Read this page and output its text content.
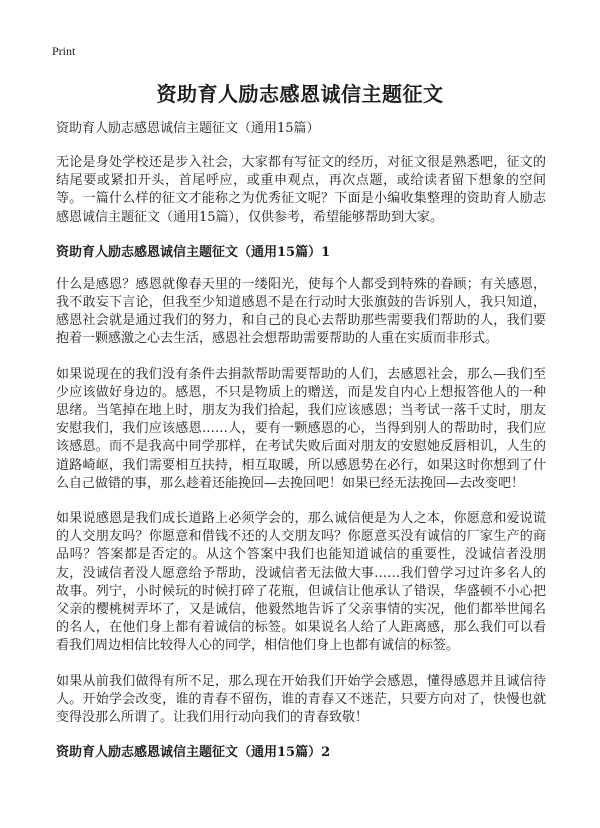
Print
资助育人励志感恩诚信主题征文

资助育人励志感恩诚信主题征文（通用15篇）

无论是身处学校还是步入社会，大家都有写征文的经历，对征文很是熟悉吧，征文的结尾要或紧扣开头，首尾呼应，或重申观点，再次点题，或给读者留下想象的空间等。一篇什么样的征文才能称之为优秀征文呢？下面是小编收集整理的资助育人励志感恩诚信主题征文（通用15篇），仅供参考，希望能够帮助到大家。

资助育人励志感恩诚信主题征文（通用15篇）1

什么是感恩？感恩就像春天里的一缕阳光，使每个人都受到特殊的眷顾；有关感恩，我不敢妄下言论，但我至少知道感恩不是在行动时大张旗鼓的告诉别人，我只知道，感恩社会就是通过我们的努力，和自己的良心去帮助那些需要我们帮助的人，我们要抱着一颗感激之心去生活，感恩社会想帮助需要帮助的人重在实质而非形式。

如果说现在的我们没有条件去捐款帮助需要帮助的人们，去感恩社会，那么—我们至少应该做好身边的。感恩，不只是物质上的赠送，而是发自内心上想报答他人的一种思绪。当笔掉在地上时，朋友为我们拾起，我们应该感恩；当考试一落千丈时，朋友安慰我们，我们应该感恩……人，要有一颗感恩的心，当得到别人的帮助时，我们应该感恩。而不是我高中同学那样，在考试失败后面对朋友的安慰她反唇相讥，人生的道路崎岖，我们需要相互扶持，相互取暖，所以感恩势在必行，如果这时你想到了什么自己做错的事，那么趁着还能挽回—去挽回吧！如果已经无法挽回—去改变吧！

如果说感恩是我们成长道路上必须学会的，那么诚信便是为人之本，你愿意和爱说谎的人交朋友吗？你愿意和借钱不还的人交朋友吗？你愿意买没有诚信的厂家生产的商品吗？答案都是否定的。从这个答案中我们也能知道诚信的重要性，没诚信者没朋友，没诚信者没人愿意给予帮助，没诚信者无法做大事……我们曾学习过许多名人的故事。列宁，小时候玩的时候打碎了花瓶，但诚信让他承认了错误，华盛顿不小心把父亲的樱桃树弄坏了，又是诚信，他毅然地告诉了父亲事情的实况，他们都举世闻名的名人，在他们身上都有着诚信的标签。如果说名人给了人距离感，那么我们可以看看我们周边相信比较得人心的同学，相信他们身上也都有诚信的标签。

如果从前我们做得有所不足，那么现在开始我们开始学会感恩，懂得感恩并且诚信待人。开始学会改变，谁的青春不留伤，谁的青春又不迷茫，只要方向对了，快慢也就变得没那么所谓了。让我们用行动向我们的青春致敬！

资助育人励志感恩诚信主题征文（通用15篇）2
